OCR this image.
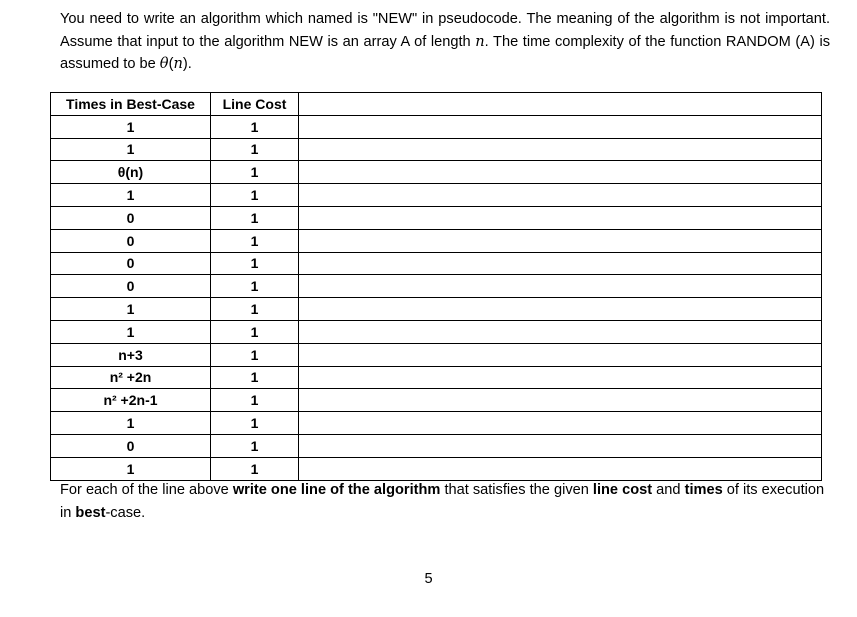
You need to write an algorithm which named is "NEW" in pseudocode. The meaning of the algorithm is not important. Assume that input to the algorithm NEW is an array A of length n. The time complexity of the function RANDOM (A) is assumed to be θ(n).

Times in Best-Case	Line Cost	
1	1	
1	1	
θ(n)	1	
1	1	
0	1	
0	1	
0	1	
0	1	
1	1	
1	1	
n+3	1	
n² +2n	1	
n² +2n-1	1	
1	1	
0	1	
1	1	

For each of the line above write one line of the algorithm that satisfies the given line cost and times of its execution in best-case.

5
